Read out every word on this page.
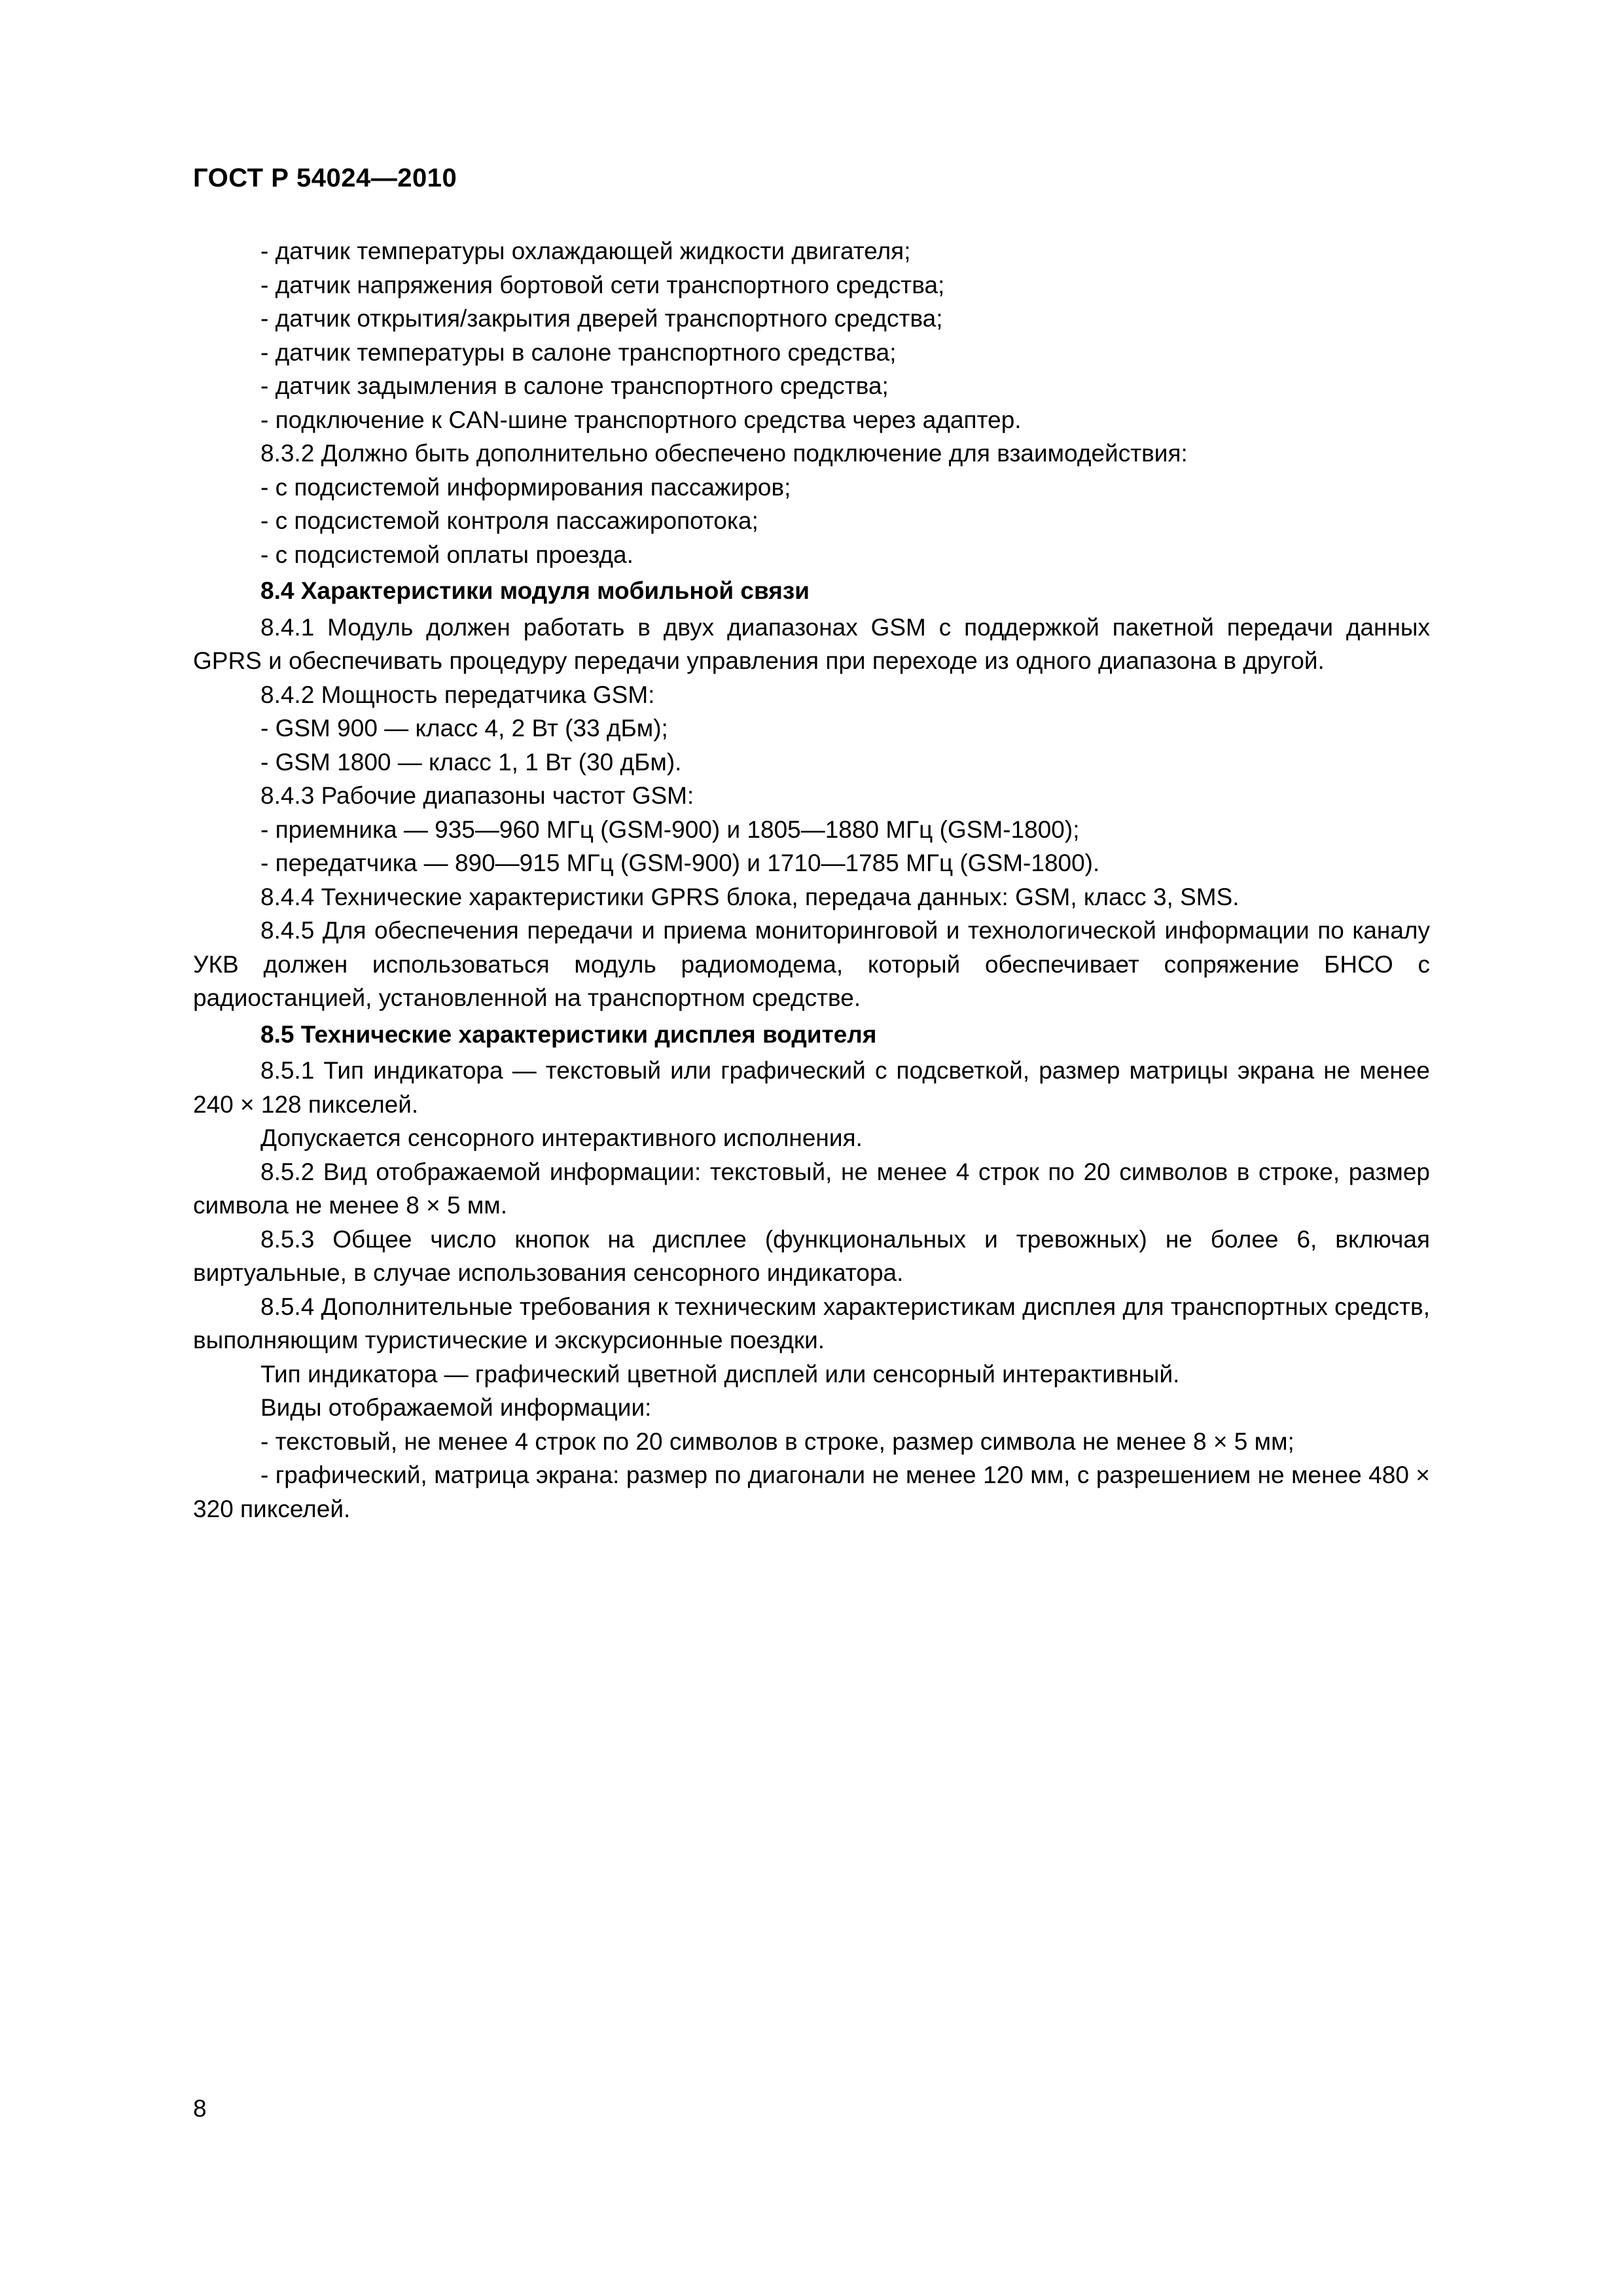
ГОСТ Р 54024—2010

- датчик температуры охлаждающей жидкости двигателя;

- датчик напряжения бортовой сети транспортного средства;

- датчик открытия/закрытия дверей транспортного средства;

- датчик температуры в салоне транспортного средства;

- датчик задымления в салоне транспортного средства;

- подключение к CAN-шине транспортного средства через адаптер.

8.3.2 Должно быть дополнительно обеспечено подключение для взаимодействия:

- с подсистемой информирования пассажиров;

- с подсистемой контроля пассажиропотока;

- с подсистемой оплаты проезда.

8.4 Характеристики модуля мобильной связи

8.4.1 Модуль должен работать в двух диапазонах GSM с поддержкой пакетной передачи данных GPRS и обеспечивать процедуру передачи управления при переходе из одного диапазона в другой.

8.4.2 Мощность передатчика GSM:

- GSM 900 — класс 4, 2 Вт (33 дБм);

- GSM 1800 — класс 1, 1 Вт (30 дБм).

8.4.3 Рабочие диапазоны частот GSM:

- приемника — 935—960 МГц (GSM-900) и 1805—1880 МГц (GSM-1800);

- передатчика — 890—915 МГц (GSM-900) и 1710—1785 МГц (GSM-1800).

8.4.4 Технические характеристики GPRS блока, передача данных: GSM, класс 3, SMS.

8.4.5 Для обеспечения передачи и приема мониторинговой и технологической информации по каналу УКВ должен использоваться модуль радиомодема, который обеспечивает сопряжение БНСО с радиостанцией, установленной на транспортном средстве.

8.5 Технические характеристики дисплея водителя

8.5.1 Тип индикатора — текстовый или графический с подсветкой, размер матрицы экрана не менее 240 × 128 пикселей.

Допускается сенсорного интерактивного исполнения.

8.5.2 Вид отображаемой информации: текстовый, не менее 4 строк по 20 символов в строке, размер символа не менее 8 × 5 мм.

8.5.3 Общее число кнопок на дисплее (функциональных и тревожных) не более 6, включая виртуальные, в случае использования сенсорного индикатора.

8.5.4 Дополнительные требования к техническим характеристикам дисплея для транспортных средств, выполняющим туристические и экскурсионные поездки.

Тип индикатора — графический цветной дисплей или сенсорный интерактивный.

Виды отображаемой информации:

- текстовый, не менее 4 строк по 20 символов в строке, размер символа не менее 8 × 5 мм;

- графический, матрица экрана: размер по диагонали не менее 120 мм, с разрешением не менее 480 × 320 пикселей.

8
